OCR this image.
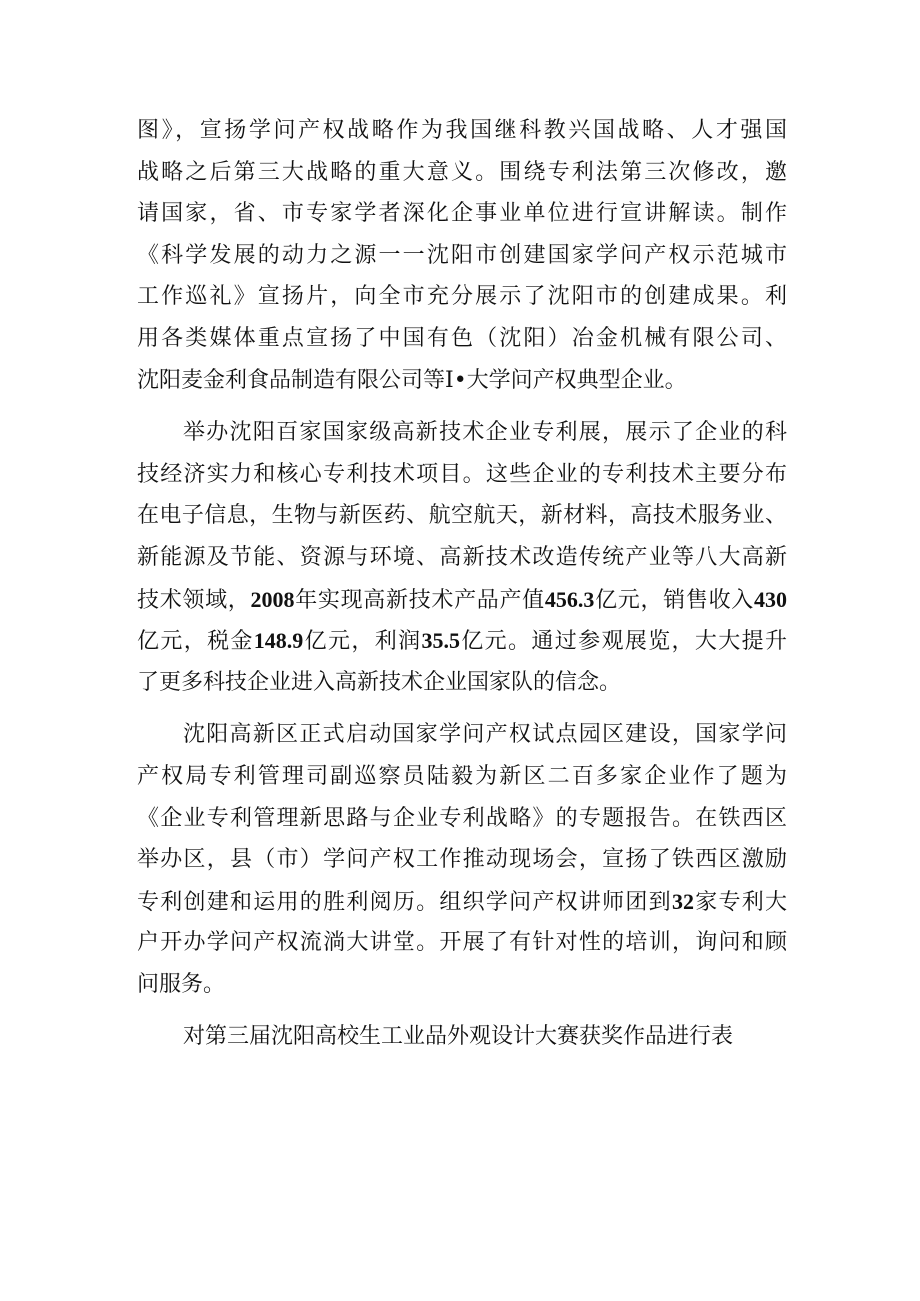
图》，宣扬学问产权战略作为我国继科教兴国战略、人才强国
战略之后第三大战略的重大意义。围绕专利法第三次修改，邀
请国家，省、市专家学者深化企事业单位进行宣讲解读。制作
《科学发展的动力之源一一沈阳市创建国家学问产权示范城市
工作巡礼》宣扬片，向全市充分展示了沈阳市的创建成果。利
用各类媒体重点宣扬了中国有色（沈阳）冶金机械有限公司、
沈阳麦金利食品制造有限公司等I•大学问产权典型企业。
举办沈阳百家国家级高新技术企业专利展，展示了企业的科
技经济实力和核心专利技术项目。这些企业的专利技术主要分布
在电子信息，生物与新医药、航空航天，新材料，高技术服务业、
新能源及节能、资源与环境、高新技术改造传统产业等八大高新
技术领域，2008年实现高新技术产品产值456.3亿元，销售收入430
亿元，税金148.9亿元，利润35.5亿元。通过参观展览，大大提升
了更多科技企业进入高新技术企业国家队的信念。
沈阳高新区正式启动国家学问产权试点园区建设，国家学问
产权局专利管理司副巡察员陆毅为新区二百多家企业作了题为
《企业专利管理新思路与企业专利战略》的专题报告。在铁西区
举办区，县（市）学问产权工作推动现场会，宣扬了铁西区激励
专利创建和运用的胜利阅历。组织学问产权讲师团到32家专利大
户开办学问产权流淌大讲堂。开展了有针对性的培训，询问和顾
问服务。
对第三届沈阳高校生工业品外观设计大赛获奖作品进行表
